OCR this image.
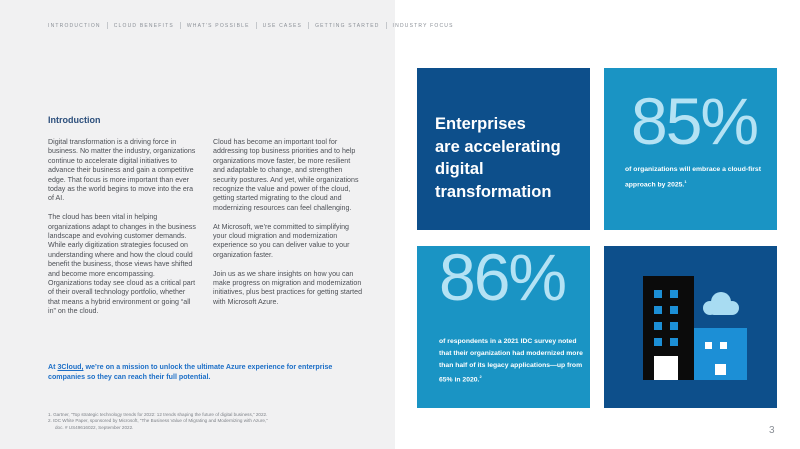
INTRODUCTION	CLOUD BENEFITS	WHAT'S POSSIBLE	USE CASES	GETTING STARTED	INDUSTRY FOCUS
Introduction

Digital transformation is a driving force in business. No matter the industry, organizations continue to accelerate digital initiatives to advance their business and gain a competitive edge. That focus is more important than ever today as the world begins to move into the era of AI.

The cloud has been vital in helping organizations adapt to changes in the business landscape and evolving customer demands. While early digitization strategies focused on understanding where and how the cloud could benefit the business, those views have shifted and become more encompassing. Organizations today see cloud as a critical part of their overall technology portfolio, whether that means a hybrid environment or going “all in” on the cloud.

Cloud has become an important tool for addressing top business priorities and to help organizations move faster, be more resilient and adaptable to change, and strengthen security postures. And yet, while organizations recognize the value and power of the cloud, getting started migrating to the cloud and modernizing resources can feel challenging.

At Microsoft, we’re committed to simplifying your cloud migration and modernization experience so you can deliver value to your organization faster.

Join us as we share insights on how you can make progress on migration and modernization initiatives, plus best practices for getting started with Microsoft Azure.

At 3Cloud, we’re on a mission to unlock the ultimate Azure experience for enterprise companies so they can reach their full potential.
1. Gartner, “Top strategic technology trends for 2022: 12 trends shaping the future of digital business,” 2022.
2. IDC White Paper, sponsored by Microsoft, “The Business Value of Migrating and Modernizing with Azure,”
doc. # US49616022, September 2022.
Enterprises
are accelerating
digital
transformation
85%
of organizations will embrace a cloud-first approach by 2025.$^1$
86%
of respondents in a 2021 IDC survey noted that their organization had modernized more than half of its legacy applications—up from 65% in 2020.$^2$
3
